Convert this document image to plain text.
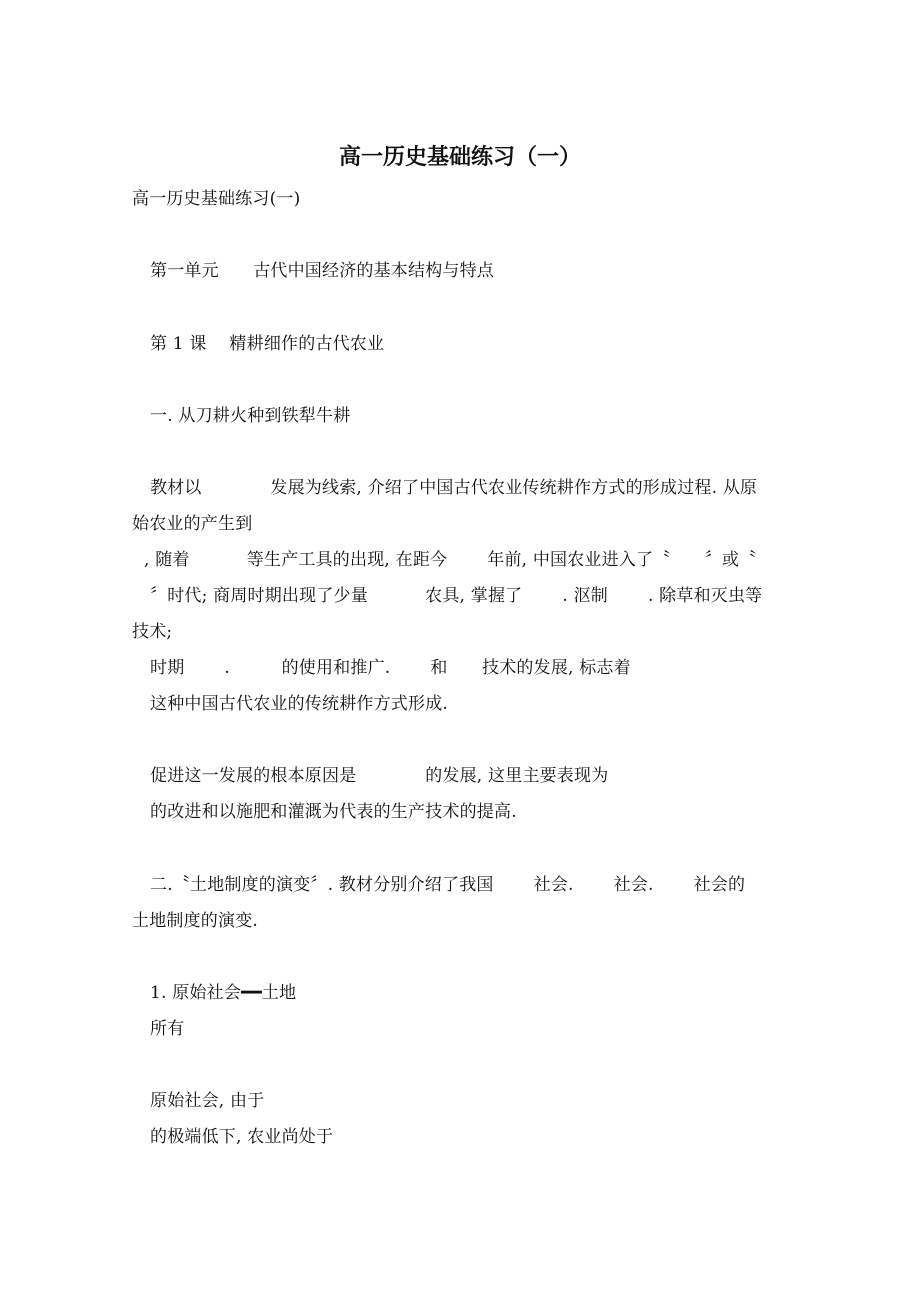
高一历史基础练习（一）
高一历史基础练习(一)
第一单元　　古代中国经济的基本结构与特点
第 1 课　 精耕细作的古代农业
一. 从刀耕火种到铁犁牛耕
教材以　　　　发展为线索, 介绍了中国古代农业传统耕作方式的形成过程. 从原
始农业的产生到
, 随着　　　 等生产工具的出现, 在距今　　 年前, 中国农业进入了〝　　〞或〝
〞时代; 商周时期出现了少量　　　 农具, 掌握了　　 . 沤制　　 . 除草和灭虫等
技术;
时期　　 .　　　的使用和推广.　　 和　　技术的发展, 标志着
这种中国古代农业的传统耕作方式形成.
促进这一发展的根本原因是　　　　的发展, 这里主要表现为
的改进和以施肥和灌溉为代表的生产技术的提高.
二.〝土地制度的演变〞. 教材分别介绍了我国　　 社会.　　 社会.　　 社会的
土地制度的演变.
1. 原始社会━━土地
所有
原始社会, 由于
的极端低下, 农业尚处于
